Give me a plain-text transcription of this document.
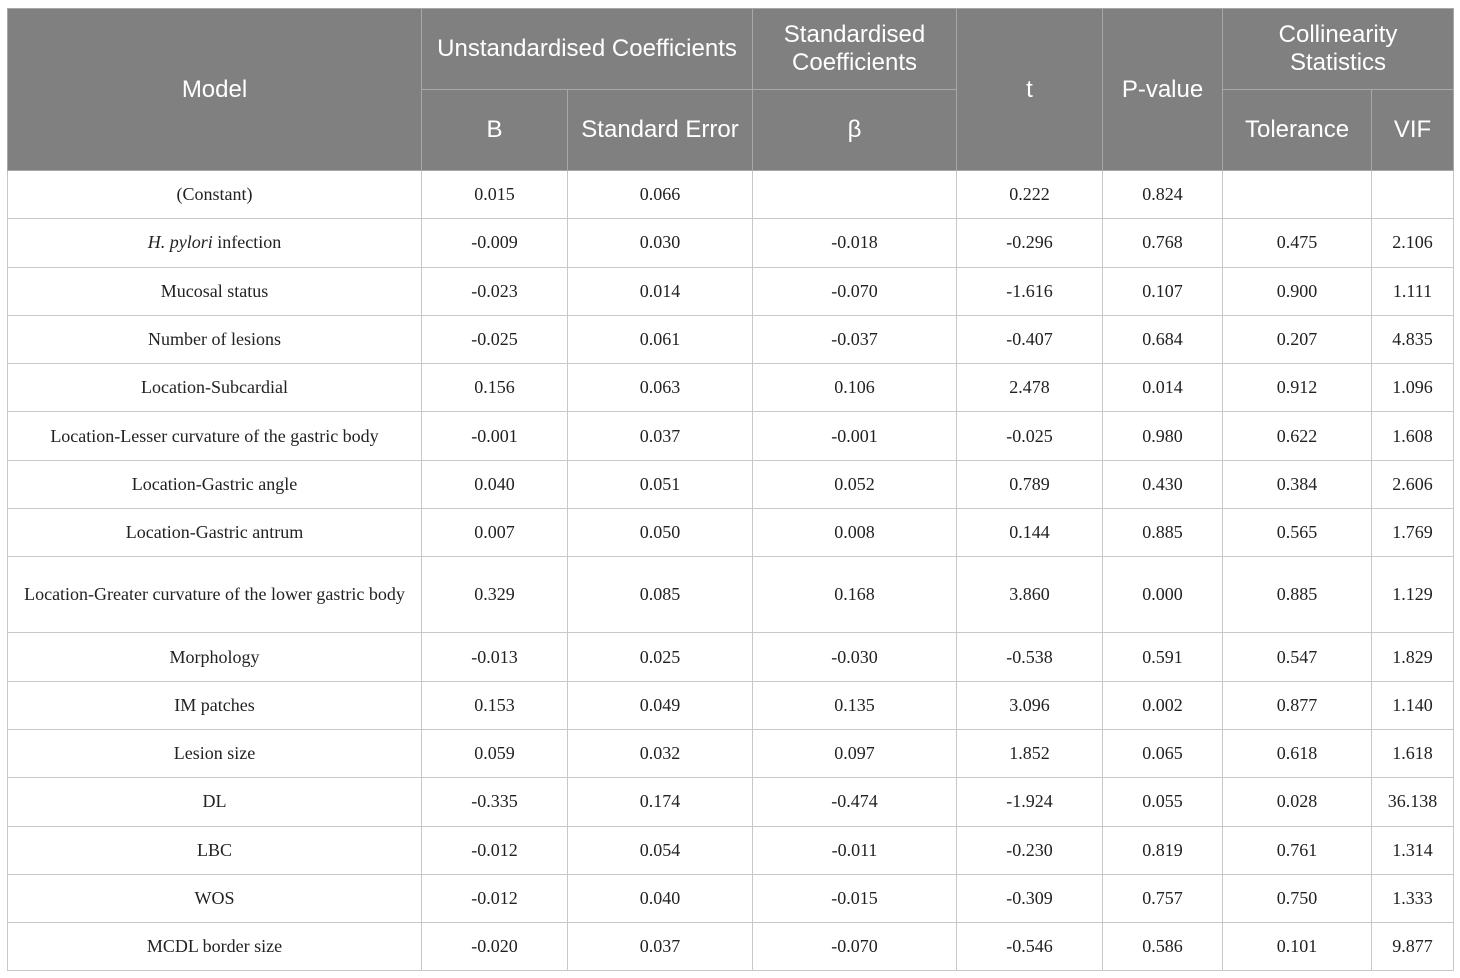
Model	Unstandardised Coefficients		Standardised Coefficients	t	P-value	Collinearity Statistics	
	B	Standard Error	β			Tolerance	VIF
(Constant)	0.015	0.066		0.222	0.824		
H. pylori infection	-0.009	0.030	-0.018	-0.296	0.768	0.475	2.106
Mucosal status	-0.023	0.014	-0.070	-1.616	0.107	0.900	1.111
Number of lesions	-0.025	0.061	-0.037	-0.407	0.684	0.207	4.835
Location-Subcardial	0.156	0.063	0.106	2.478	0.014	0.912	1.096
Location-Lesser curvature of the gastric body	-0.001	0.037	-0.001	-0.025	0.980	0.622	1.608
Location-Gastric angle	0.040	0.051	0.052	0.789	0.430	0.384	2.606
Location-Gastric antrum	0.007	0.050	0.008	0.144	0.885	0.565	1.769
Location-Greater curvature of the lower gastric body	0.329	0.085	0.168	3.860	0.000	0.885	1.129
Morphology	-0.013	0.025	-0.030	-0.538	0.591	0.547	1.829
IM patches	0.153	0.049	0.135	3.096	0.002	0.877	1.140
Lesion size	0.059	0.032	0.097	1.852	0.065	0.618	1.618
DL	-0.335	0.174	-0.474	-1.924	0.055	0.028	36.138
LBC	-0.012	0.054	-0.011	-0.230	0.819	0.761	1.314
WOS	-0.012	0.040	-0.015	-0.309	0.757	0.750	1.333
MCDL border size	-0.020	0.037	-0.070	-0.546	0.586	0.101	9.877
